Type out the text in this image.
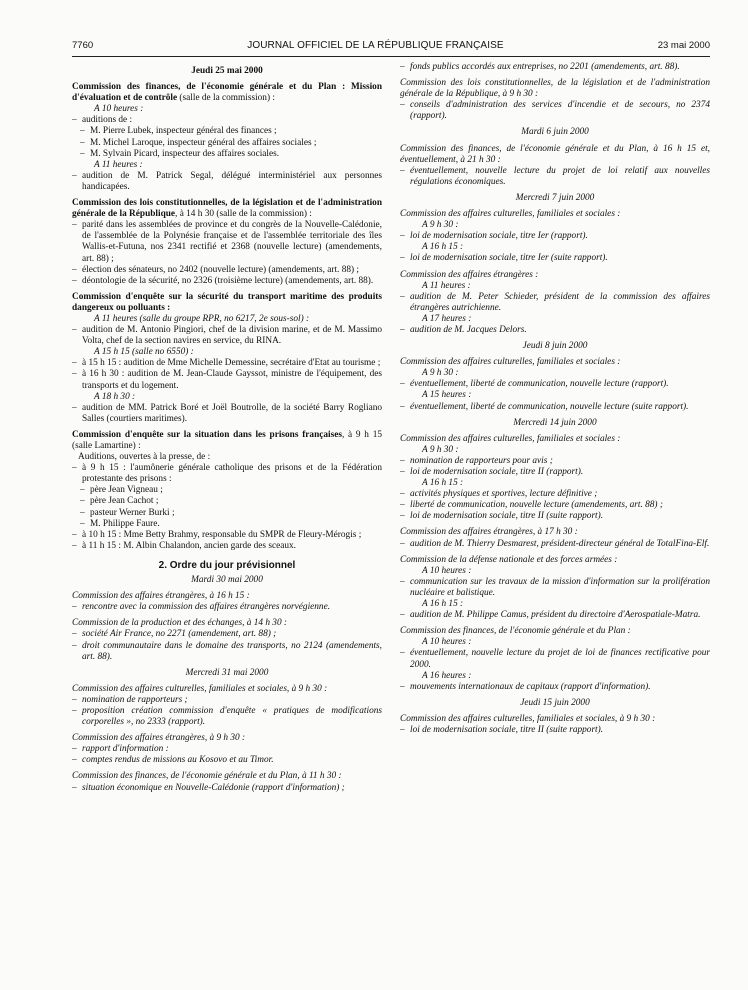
7760	JOURNAL OFFICIEL DE LA RÉPUBLIQUE FRANÇAISE	23 mai 2000
Jeudi 25 mai 2000
Commission des finances, de l'économie générale et du Plan : Mission d'évaluation et de contrôle (salle de la commission) :
A 10 heures :
– auditions de :
– M. Pierre Lubek, inspecteur général des finances ;
– M. Michel Laroque, inspecteur général des affaires sociales ;
– M. Sylvain Picard, inspecteur des affaires sociales.
A 11 heures :
– audition de M. Patrick Segal, délégué interministériel aux personnes handicapées.
Commission des lois constitutionnelles, de la législation et de l'administration générale de la République, à 14 h 30 (salle de la commission) :
– parité dans les assemblées de province et du congrès de la Nouvelle-Calédonie, de l'assemblée de la Polynésie française et de l'assemblée territoriale des îles Wallis-et-Futuna, nos 2341 rectifié et 2368 (nouvelle lecture) (amendements, art. 88) ;
– élection des sénateurs, no 2402 (nouvelle lecture) (amendements, art. 88) ;
– déontologie de la sécurité, no 2326 (troisième lecture) (amendements, art. 88).
Commission d'enquête sur la sécurité du transport maritime des produits dangereux ou polluants :
A 11 heures (salle du groupe RPR, no 6217, 2e sous-sol) :
– audition de M. Antonio Pingiori, chef de la division marine, et de M. Massimo Volta, chef de la section navires en service, du RINA.
A 15 h 15 (salle no 6550) :
– à 15 h 15 : audition de Mme Michelle Demessine, secrétaire d'Etat au tourisme ;
– à 16 h 30 : audition de M. Jean-Claude Gayssot, ministre de l'équipement, des transports et du logement.
A 18 h 30 :
– audition de MM. Patrick Boré et Joël Boutrolle, de la société Barry Rogliano Salles (courtiers maritimes).
Commission d'enquête sur la situation dans les prisons françaises, à 9 h 15 (salle Lamartine) :
Auditions, ouvertes à la presse, de :
– à 9 h 15 : l'aumônerie générale catholique des prisons et de la Fédération protestante des prisons :
– père Jean Vigneau ;
– père Jean Cachot ;
– pasteur Werner Burki ;
– M. Philippe Faure.
– à 10 h 15 : Mme Betty Brahmy, responsable du SMPR de Fleury-Mérogis ;
– à 11 h 15 : M. Albin Chalandon, ancien garde des sceaux.
2. Ordre du jour prévisionnel
Mardi 30 mai 2000
Commission des affaires étrangères, à 16 h 15 :
– rencontre avec la commission des affaires étrangères norvégienne.
Commission de la production et des échanges, à 14 h 30 :
– société Air France, no 2271 (amendement, art. 88) ;
– droit communautaire dans le domaine des transports, no 2124 (amendements, art. 88).
Mercredi 31 mai 2000
Commission des affaires culturelles, familiales et sociales, à 9 h 30 :
– nomination de rapporteurs ;
– proposition création commission d'enquête « pratiques de modifications corporelles », no 2333 (rapport).
Commission des affaires étrangères, à 9 h 30 :
– rapport d'information :
– comptes rendus de missions au Kosovo et au Timor.
Commission des finances, de l'économie générale et du Plan, à 11 h 30 :
– situation économique en Nouvelle-Calédonie (rapport d'information) ;
– fonds publics accordés aux entreprises, no 2201 (amendements, art. 88).
Commission des lois constitutionnelles, de la législation et de l'administration générale de la République, à 9 h 30 :
– conseils d'administration des services d'incendie et de secours, no 2374 (rapport).
Mardi 6 juin 2000
Commission des finances, de l'économie générale et du Plan, à 16 h 15 et, éventuellement, à 21 h 30 :
– éventuellement, nouvelle lecture du projet de loi relatif aux nouvelles régulations économiques.
Mercredi 7 juin 2000
Commission des affaires culturelles, familiales et sociales :
A 9 h 30 :
– loi de modernisation sociale, titre Ier (rapport).
A 16 h 15 :
– loi de modernisation sociale, titre Ier (suite rapport).
Commission des affaires étrangères :
A 11 heures :
– audition de M. Peter Schieder, président de la commission des affaires étrangères autrichienne.
A 17 heures :
– audition de M. Jacques Delors.
Jeudi 8 juin 2000
Commission des affaires culturelles, familiales et sociales :
A 9 h 30 :
– éventuellement, liberté de communication, nouvelle lecture (rapport).
A 15 heures :
– éventuellement, liberté de communication, nouvelle lecture (suite rapport).
Mercredi 14 juin 2000
Commission des affaires culturelles, familiales et sociales :
A 9 h 30 :
– nomination de rapporteurs pour avis ;
– loi de modernisation sociale, titre II (rapport).
A 16 h 15 :
– activités physiques et sportives, lecture définitive ;
– liberté de communication, nouvelle lecture (amendements, art. 88) ;
– loi de modernisation sociale, titre II (suite rapport).
Commission des affaires étrangères, à 17 h 30 :
– audition de M. Thierry Desmarest, président-directeur général de TotalFina-Elf.
Commission de la défense nationale et des forces armées :
A 10 heures :
– communication sur les travaux de la mission d'information sur la prolifération nucléaire et balistique.
A 16 h 15 :
– audition de M. Philippe Camus, président du directoire d'Aerospatiale-Matra.
Commission des finances, de l'économie générale et du Plan :
A 10 heures :
– éventuellement, nouvelle lecture du projet de loi de finances rectificative pour 2000.
A 16 heures :
– mouvements internationaux de capitaux (rapport d'information).
Jeudi 15 juin 2000
Commission des affaires culturelles, familiales et sociales, à 9 h 30 :
– loi de modernisation sociale, titre II (suite rapport).
